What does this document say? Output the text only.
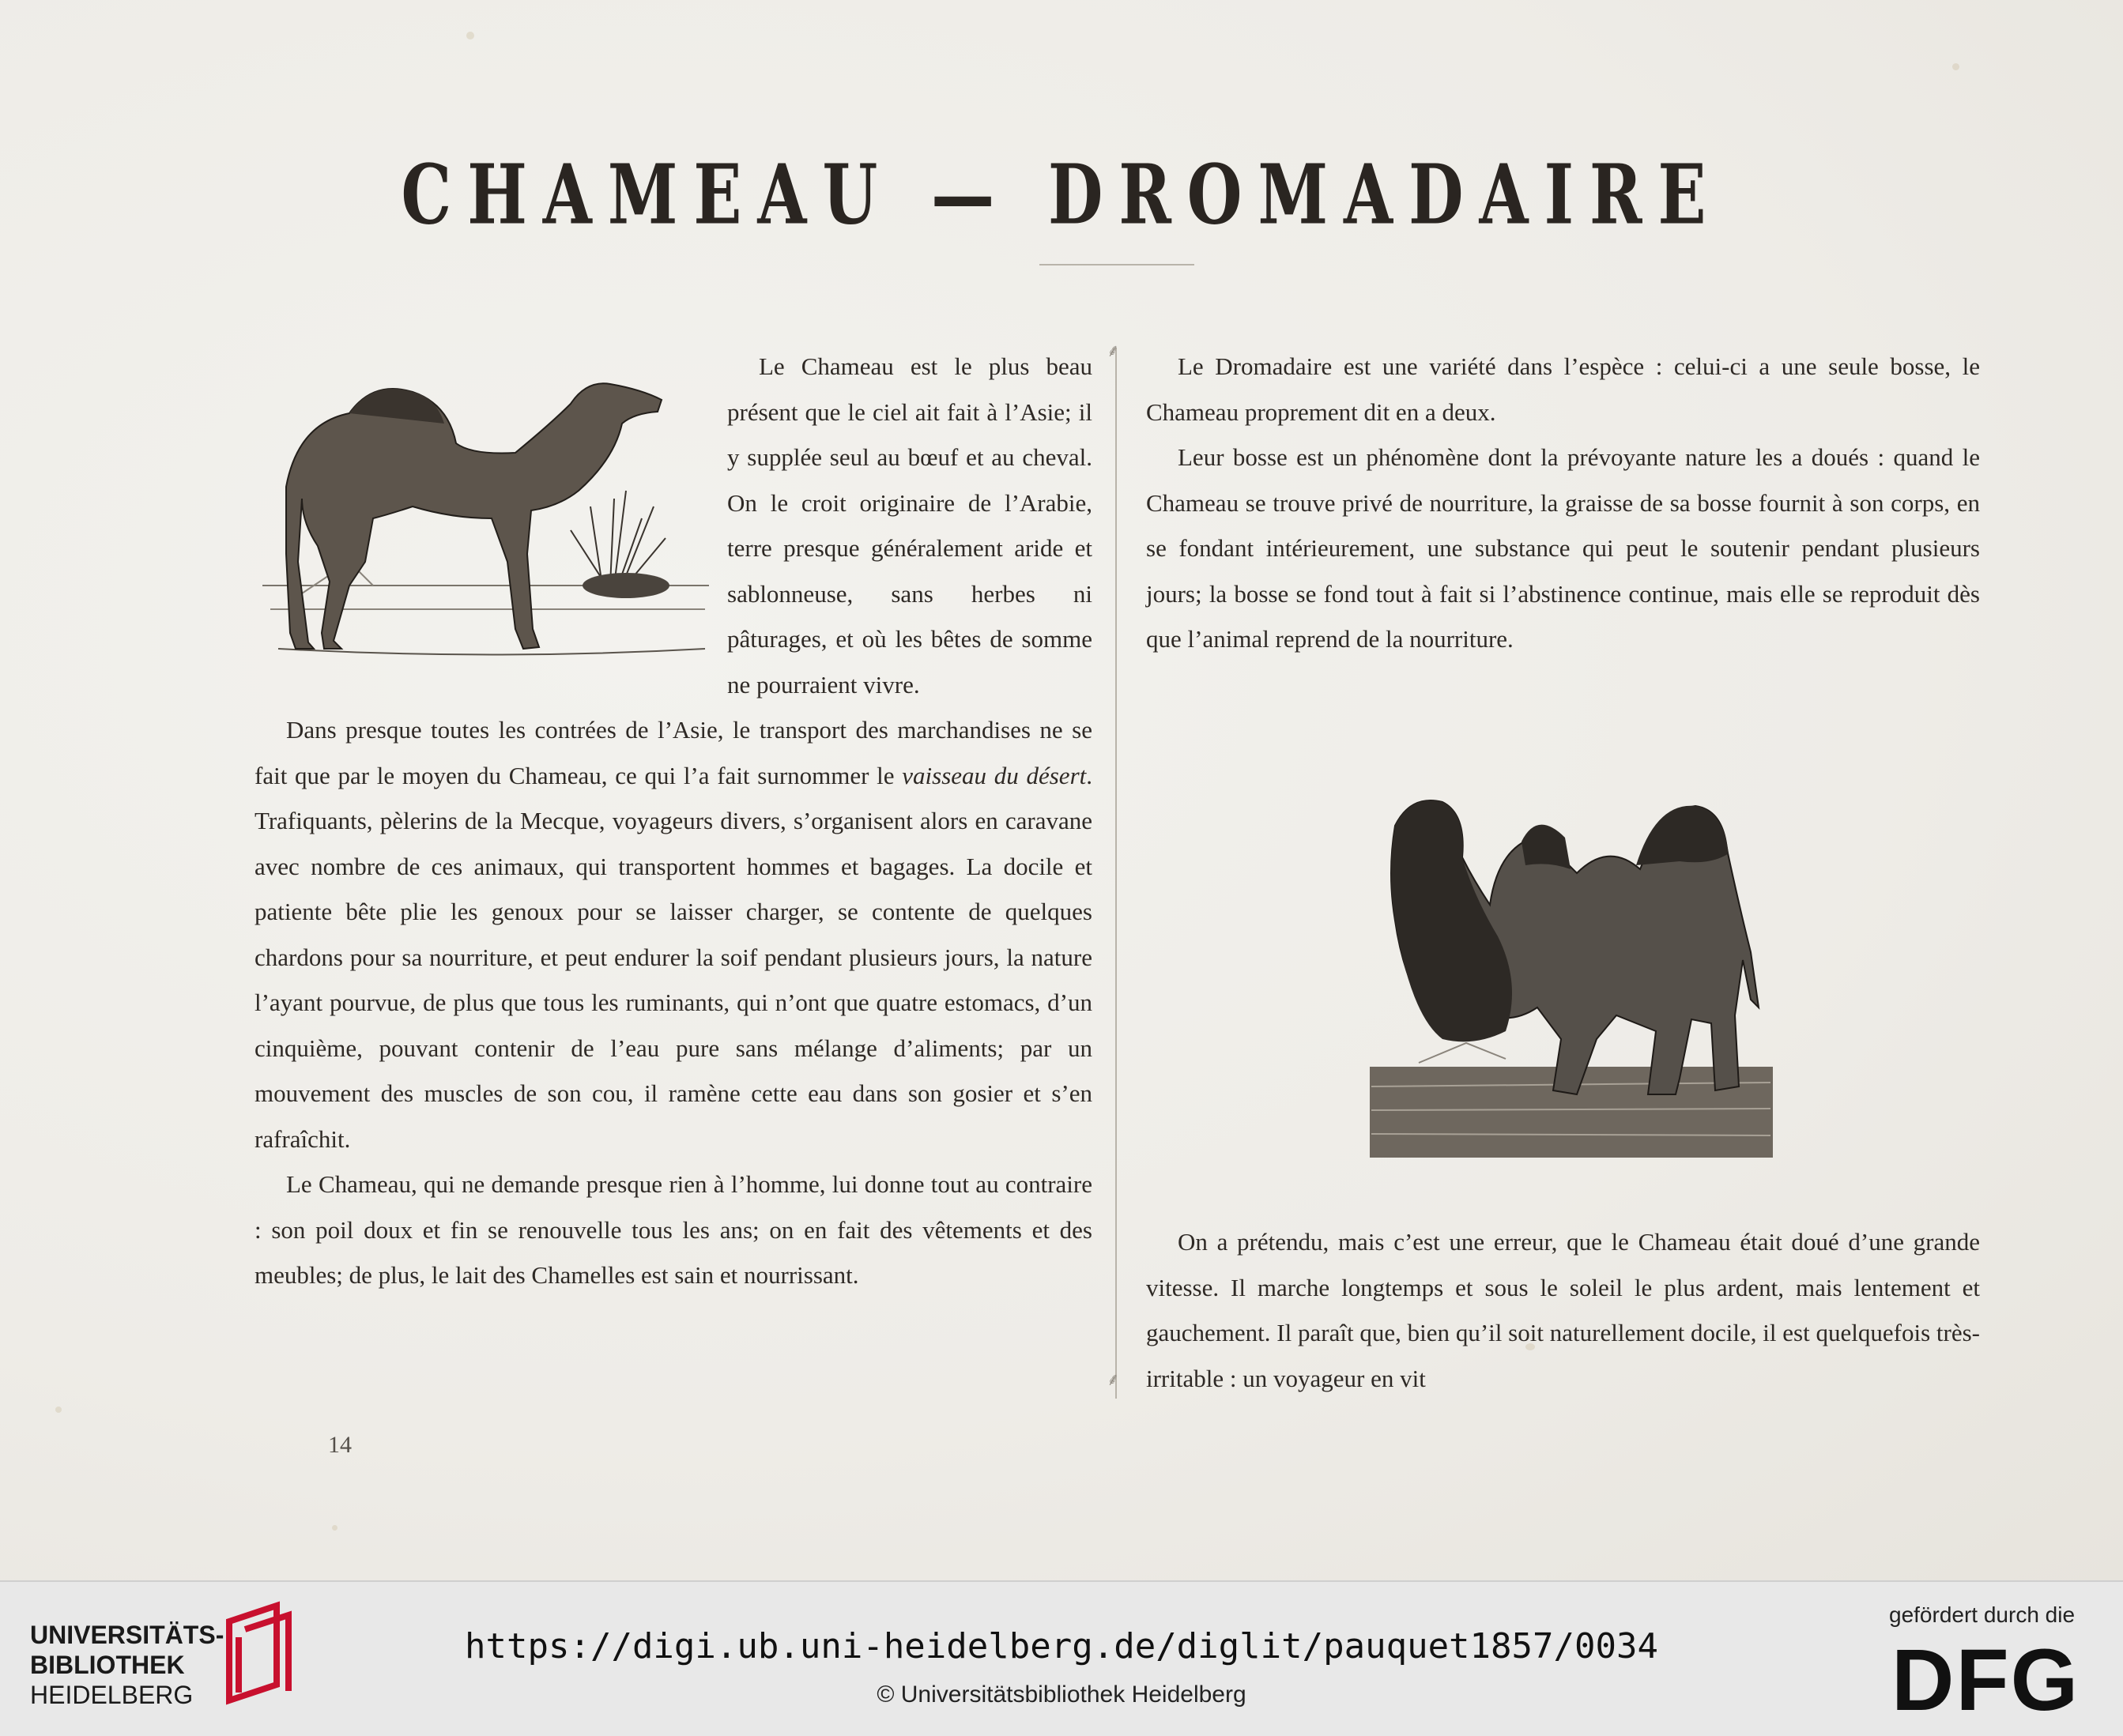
CHAMEAU — DROMADAIRE
⸙
⸙

Le Chameau est le plus beau présent que le ciel ait fait à l’Asie; il y supplée seul au bœuf et au cheval. On le croit originaire de l’Arabie, terre presque généralement aride et sablonneuse, sans herbes ni pâturages, et où les bêtes de somme ne pourraient vivre.

Dans presque toutes les contrées de l’Asie, le transport des marchandises ne se fait que par le moyen du Chameau, ce qui l’a fait surnommer le vaisseau du désert. Trafiquants, pèlerins de la Mecque, voyageurs divers, s’organisent alors en caravane avec nombre de ces animaux, qui transportent hommes et bagages. La docile et patiente bête plie les genoux pour se laisser charger, se contente de quelques chardons pour sa nourriture, et peut endurer la soif pendant plusieurs jours, la nature l’ayant pourvue, de plus que tous les ruminants, qui n’ont que quatre estomacs, d’un cinquième, pouvant contenir de l’eau pure sans mélange d’aliments; par un mouvement des muscles de son cou, il ramène cette eau dans son gosier et s’en rafraîchit.

Le Chameau, qui ne demande presque rien à l’homme, lui donne tout au contraire : son poil doux et fin se renouvelle tous les ans; on en fait des vêtements et des meubles; de plus, le lait des Chamelles est sain et nourrissant.

Le Dromadaire est une variété dans l’espèce : celui-ci a une seule bosse, le Chameau proprement dit en a deux.

Leur bosse est un phénomène dont la prévoyante nature les a doués : quand le Chameau se trouve privé de nourriture, la graisse de sa bosse fournit à son corps, en se fondant intérieurement, une substance qui peut le soutenir pendant plusieurs jours; la bosse se fond tout à fait si l’abstinence continue, mais elle se reproduit dès que l’animal reprend de la nourriture.

On a prétendu, mais c’est une erreur, que le Chameau était doué d’une grande vitesse. Il marche longtemps et sous le soleil le plus ardent, mais lentement et gauchement. Il paraît que, bien qu’il soit naturellement docile, il est quelquefois très-irritable : un voyageur en vit

14
UNIVERSITÄTS-
BIBLIOTHEK
HEIDELBERG
https://digi.ub.uni-heidelberg.de/diglit/pauquet1857/0034
© Universitätsbibliothek Heidelberg
gefördert durch die
DFG
